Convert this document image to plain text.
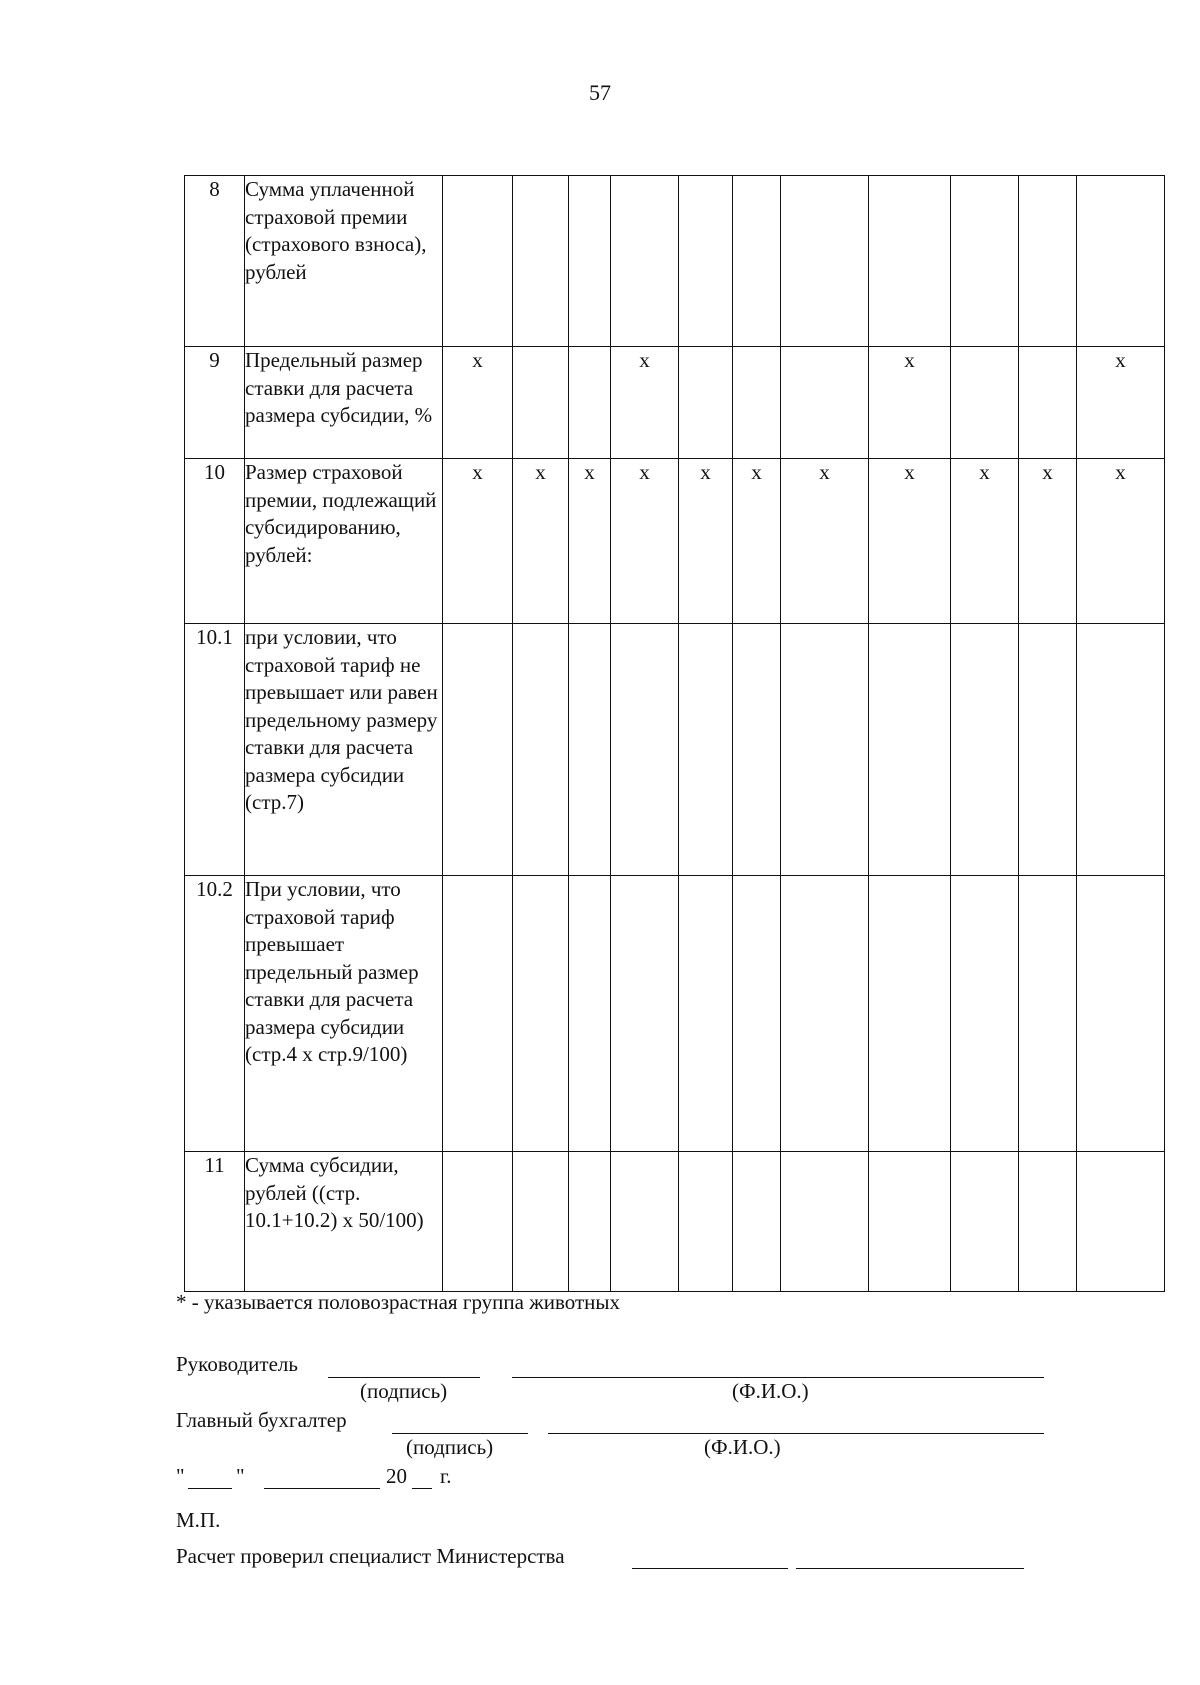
57
8	Сумма уплаченной страховой премии (страхового взноса), рублей											
9	Предельный размер ставки для расчета размера субсидии, %	х			х				х			х
10	Размер страховой премии, подлежащий субсидированию, рублей:	х	х	х	х	х	х	х	х	х	х	х
10.1	при условии, что страховой тариф не превышает или равен предельному размеру ставки для расчета размера субсидии (стр.7)											
10.2	При условии, что страховой тариф превышает предельный размер ставки для расчета размера субсидии (стр.4 х стр.9/100)											
11	Сумма субсидии, рублей ((стр. 10.1+10.2) х 50/100)											
* - указывается половозрастная группа животных
Руководитель
(подпись)	(Ф.И.О.)
Главный бухгалтер
(подпись)	(Ф.И.О.)
" "	20 г.
М.П.
Расчет проверил специалист Министерства
